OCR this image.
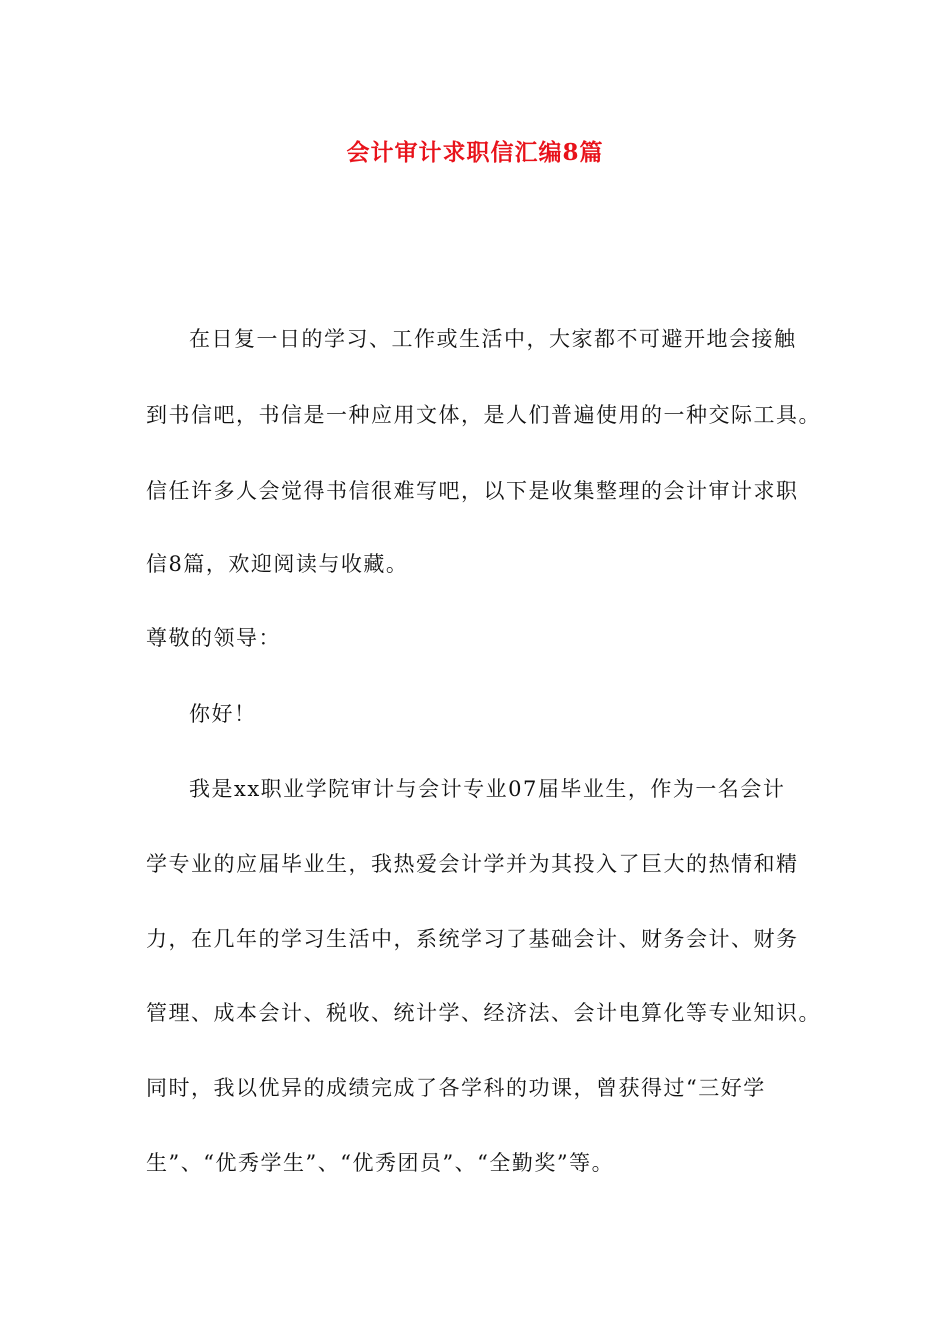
会计审计求职信汇编8篇
在日复一日的学习、工作或生活中，大家都不可避开地会接触
到书信吧，书信是一种应用文体，是人们普遍使用的一种交际工具。
信任许多人会觉得书信很难写吧，以下是收集整理的会计审计求职
信8篇，欢迎阅读与收藏。
尊敬的领导：
你好！
我是xx职业学院审计与会计专业07届毕业生，作为一名会计
学专业的应届毕业生，我热爱会计学并为其投入了巨大的热情和精
力，在几年的学习生活中，系统学习了基础会计、财务会计、财务
管理、成本会计、税收、统计学、经济法、会计电算化等专业知识。
同时，我以优异的成绩完成了各学科的功课，曾获得过“三好学
生”、“优秀学生”、“优秀团员”、“全勤奖”等。
